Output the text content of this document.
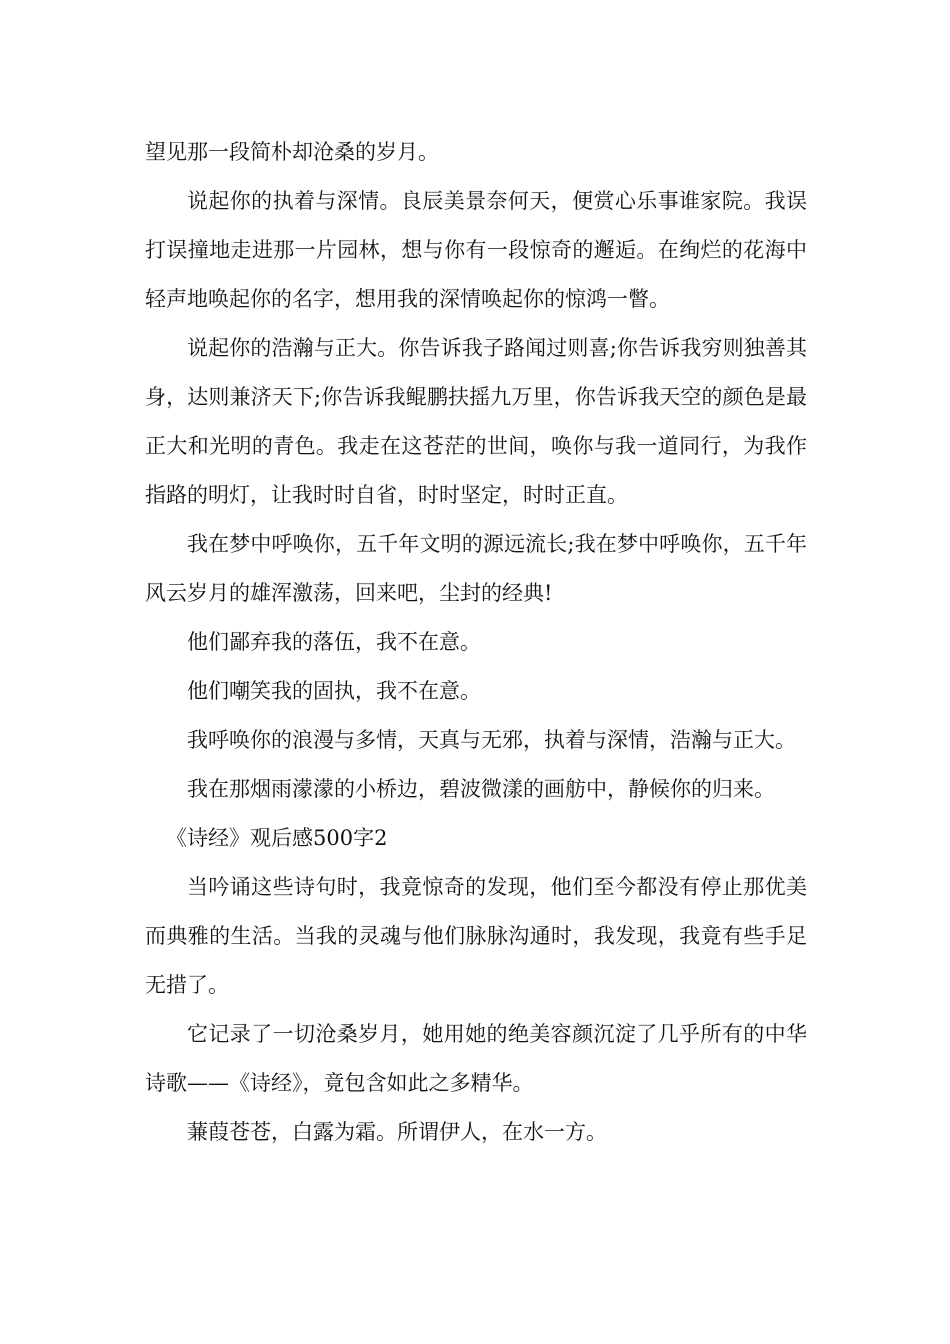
望见那一段简朴却沧桑的岁月。

说起你的执着与深情。良辰美景奈何天，便赏心乐事谁家院。我误打误撞地走进那一片园林，想与你有一段惊奇的邂逅。在绚烂的花海中轻声地唤起你的名字，想用我的深情唤起你的惊鸿一瞥。

说起你的浩瀚与正大。你告诉我子路闻过则喜;你告诉我穷则独善其身，达则兼济天下;你告诉我鲲鹏扶摇九万里，你告诉我天空的颜色是最正大和光明的青色。我走在这苍茫的世间，唤你与我一道同行，为我作指路的明灯，让我时时自省，时时坚定，时时正直。

我在梦中呼唤你，五千年文明的源远流长;我在梦中呼唤你，五千年风云岁月的雄浑激荡，回来吧，尘封的经典!

他们鄙弃我的落伍，我不在意。

他们嘲笑我的固执，我不在意。

我呼唤你的浪漫与多情，天真与无邪，执着与深情，浩瀚与正大。

我在那烟雨濛濛的小桥边，碧波微漾的画舫中，静候你的归来。

《诗经》观后感500字2

当吟诵这些诗句时，我竟惊奇的发现，他们至今都没有停止那优美而典雅的生活。当我的灵魂与他们脉脉沟通时，我发现，我竟有些手足无措了。

它记录了一切沧桑岁月，她用她的绝美容颜沉淀了几乎所有的中华诗歌——《诗经》，竟包含如此之多精华。

蒹葭苍苍，白露为霜。所谓伊人，在水一方。
